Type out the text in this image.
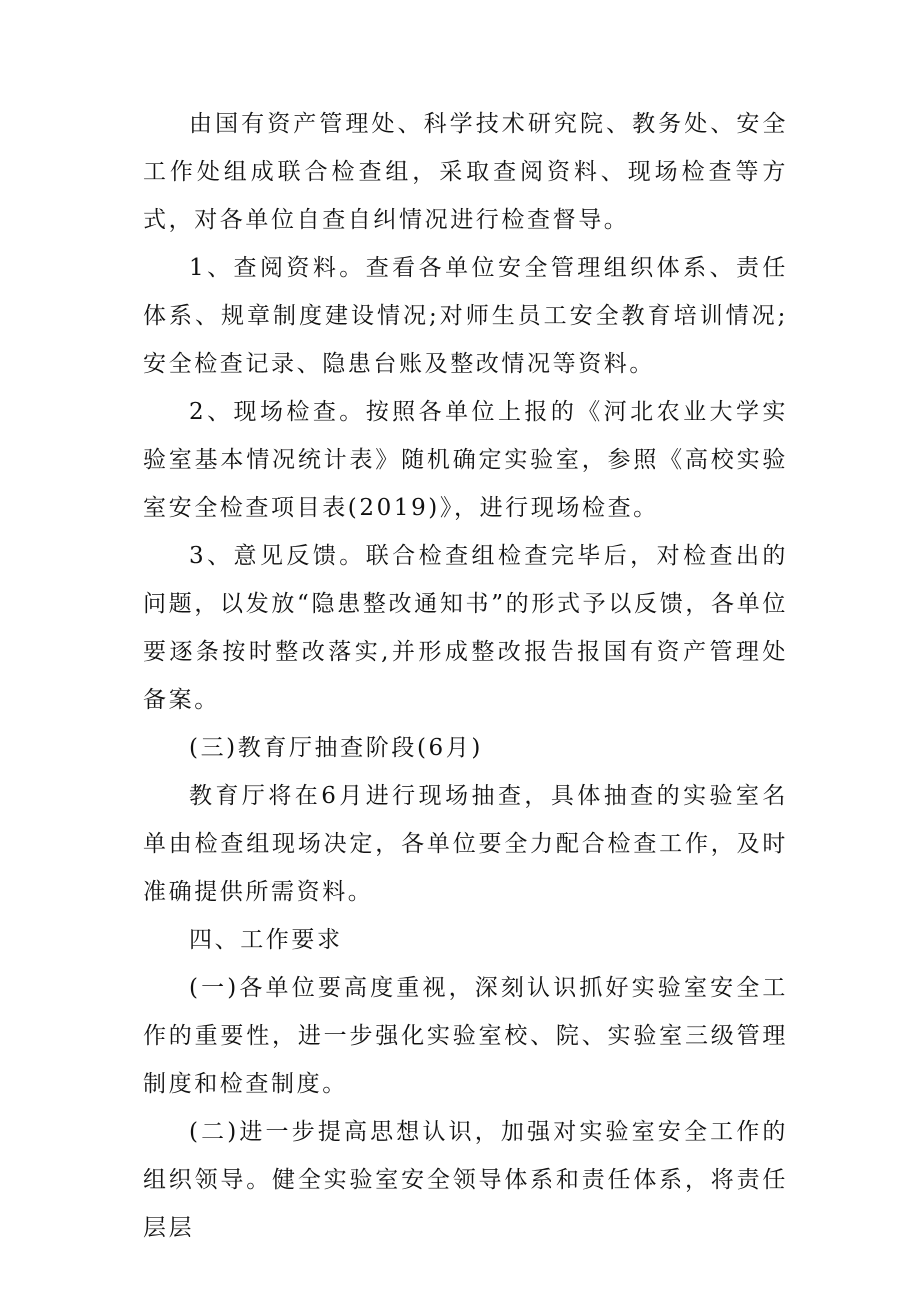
由国有资产管理处、科学技术研究院、教务处、安全工作处组成联合检查组，采取查阅资料、现场检查等方式，对各单位自查自纠情况进行检查督导。

1、查阅资料。查看各单位安全管理组织体系、责任体系、规章制度建设情况;对师生员工安全教育培训情况;安全检查记录、隐患台账及整改情况等资料。

2、现场检查。按照各单位上报的《河北农业大学实验室基本情况统计表》随机确定实验室，参照《高校实验室安全检查项目表(2019)》，进行现场检查。

3、意见反馈。联合检查组检查完毕后，对检查出的问题，以发放“隐患整改通知书”的形式予以反馈，各单位要逐条按时整改落实,并形成整改报告报国有资产管理处备案。

(三)教育厅抽查阶段(6月)

教育厅将在6月进行现场抽查，具体抽查的实验室名单由检查组现场决定，各单位要全力配合检查工作，及时准确提供所需资料。

四、工作要求

(一)各单位要高度重视，深刻认识抓好实验室安全工作的重要性，进一步强化实验室校、院、实验室三级管理制度和检查制度。

(二)进一步提高思想认识，加强对实验室安全工作的组织领导。健全实验室安全领导体系和责任体系，将责任层层
